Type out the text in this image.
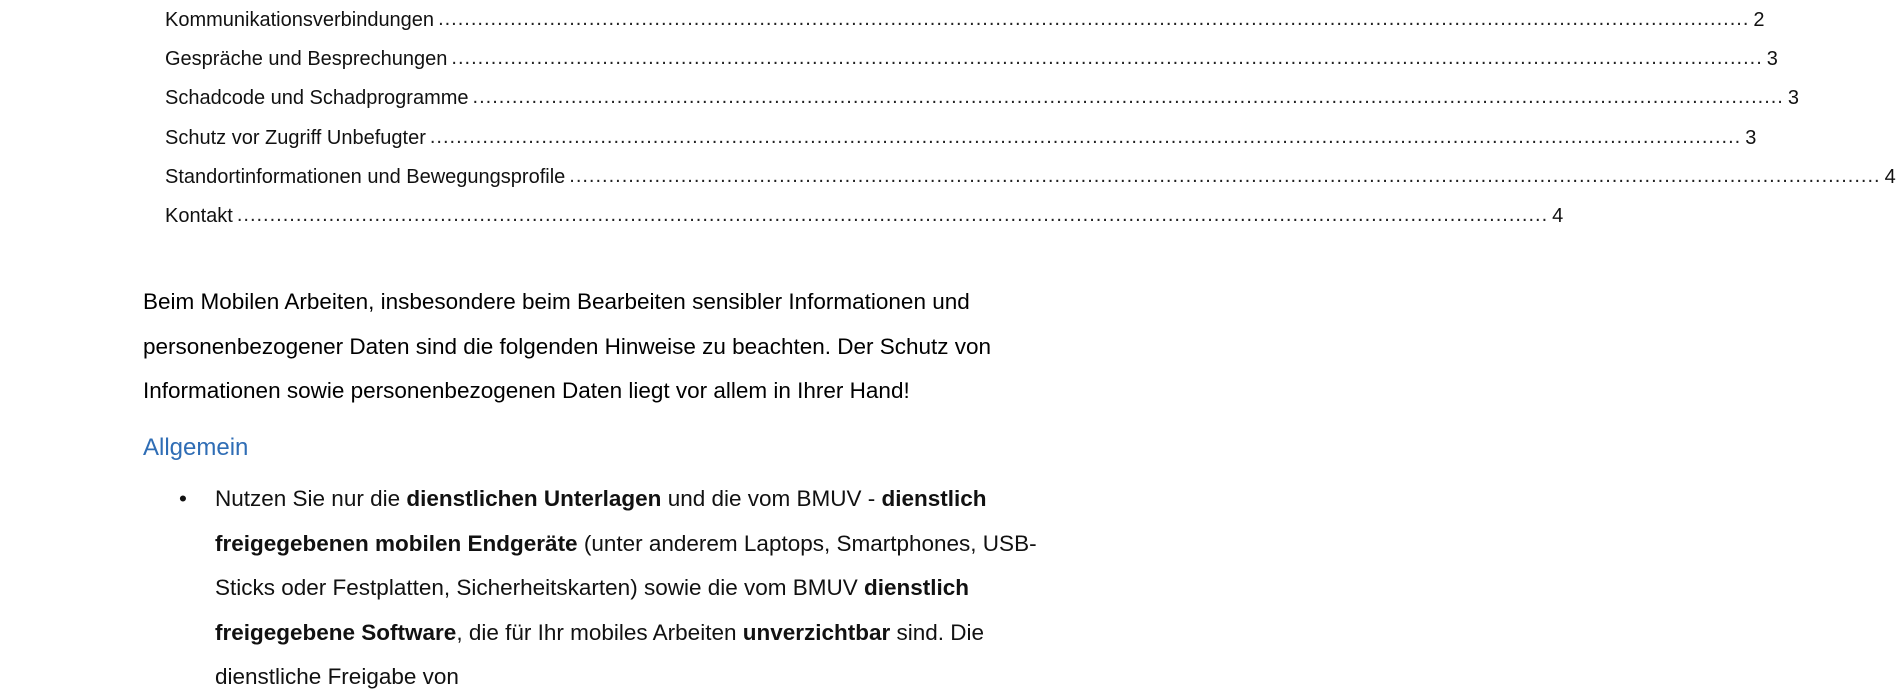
Kommunikationsverbindungen ........................................................................................................................................................................................................ 2
Gespräche und Besprechungen ........................................................................................................................................................................................................ 3
Schadcode und Schadprogramme ........................................................................................................................................................................................................ 3
Schutz vor Zugriff Unbefugter ........................................................................................................................................................................................................ 3
Standortinformationen und Bewegungsprofile ........................................................................................................................................................................................................ 4
Kontakt ........................................................................................................................................................................................................ 4
Beim Mobilen Arbeiten, insbesondere beim Bearbeiten sensibler Informationen und
personenbezogener Daten sind die folgenden Hinweise zu beachten. Der Schutz von
Informationen sowie personenbezogenen Daten liegt vor allem in Ihrer Hand!
Allgemein
• Nutzen Sie nur die dienstlichen Unterlagen und die vom BMUV - dienstlich freigegebenen mobilen Endgeräte (unter anderem Laptops, Smartphones, USB-Sticks oder Festplatten, Sicherheitskarten) sowie die vom BMUV dienstlich freigegebene Software, die für Ihr mobiles Arbeiten unverzichtbar sind. Die dienstliche Freigabe von
